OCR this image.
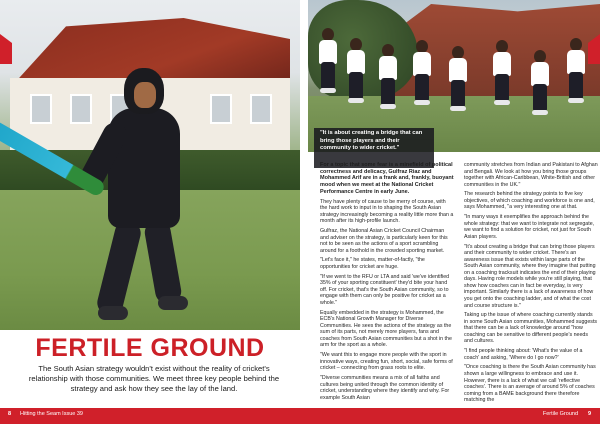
FERTILE GROUND

The South Asian strategy wouldn't exist without the reality of cricket's relationship with those communities. We meet three key people behind the strategy and ask how they see the lay of the land.

8 Hitting the Seam Issue 39

"It is about creating a bridge that can bring those players and their community to wider cricket."

For a topic that some fear is a minefield of political correctness and delicacy, Gulfraz Riaz and Mohammed Arif are in a frank and, frankly, buoyant mood when we meet at the National Cricket Performance Centre in early June.

They have plenty of cause to be merry of course, with the hard work to input in to shaping the South Asian strategy increasingly becoming a reality little more than a month after its high-profile launch.

Gulfraz, the National Asian Cricket Council Chairman and adviser on the strategy, is particularly keen for this not to be seen as the actions of a sport scrambling around for a foothold in the crowded sporting market.

"Let's face it," he states, matter-of-factly, "the opportunities for cricket are huge.

"If we went to the RFU or LTA and said 'we've identified 35% of your sporting constituent' they'd bite your hand off. For cricket, that's the South Asian community, so to engage with them can only be positive for cricket as a whole."

Equally embedded in the strategy is Mohammed, the ECB's National Growth Manager for Diverse Communities. He sees the actions of the strategy as the sum of its parts, not merely more players, fans and coaches from South Asian communities but a shot in the arm for the sport as a whole.

"We want this to engage more people with the sport in innovative ways, creating fun, short, social, safe forms of cricket – connecting from grass roots to elite.

"Diverse communities means a mix of all faiths and cultures being united through the common identity of cricket, understanding where they identify and why. For example South Asian

community stretches from Indian and Pakistani to Afghan and Bengali. We look at how you bring those groups together with African-Caribbean, White-British and other communities in the UK."

The research behind the strategy points to five key objectives, of which coaching and workforce is one and, says Mohammed, "a very interesting one at that.

"In many ways it exemplifies the approach behind the whole strategy: that we want to integrate not segregate, we want to find a solution for cricket, not just for South Asian players.

"It's about creating a bridge that can bring those players and their community to wider cricket. There's an awareness issue that exists within large parts of the South Asian community, where they imagine that putting on a coaching tracksuit indicates the end of their playing days. Having role models while you're still playing, that show how coaches can in fact be everyday, is very important. Similarly there is a lack of awareness of how you get onto the coaching ladder, and of what the cost and course structure is."

Taking up the issue of where coaching currently stands in some South Asian communities, Mohammed suggests that there can be a lack of knowledge around "how coaching can be sensitive to different people's needs and cultures.

"I find people thinking about: 'What's the value of a coach' and asking, 'Where do I go now?'

"Once coaching is there the South Asian community has shown a large willingness to embrace and use it. However, there is a lack of what we call 'reflective coaches'. There is an average of around 5% of coaches coming from a BAME background there therefore matching the

Fertile Ground 9
